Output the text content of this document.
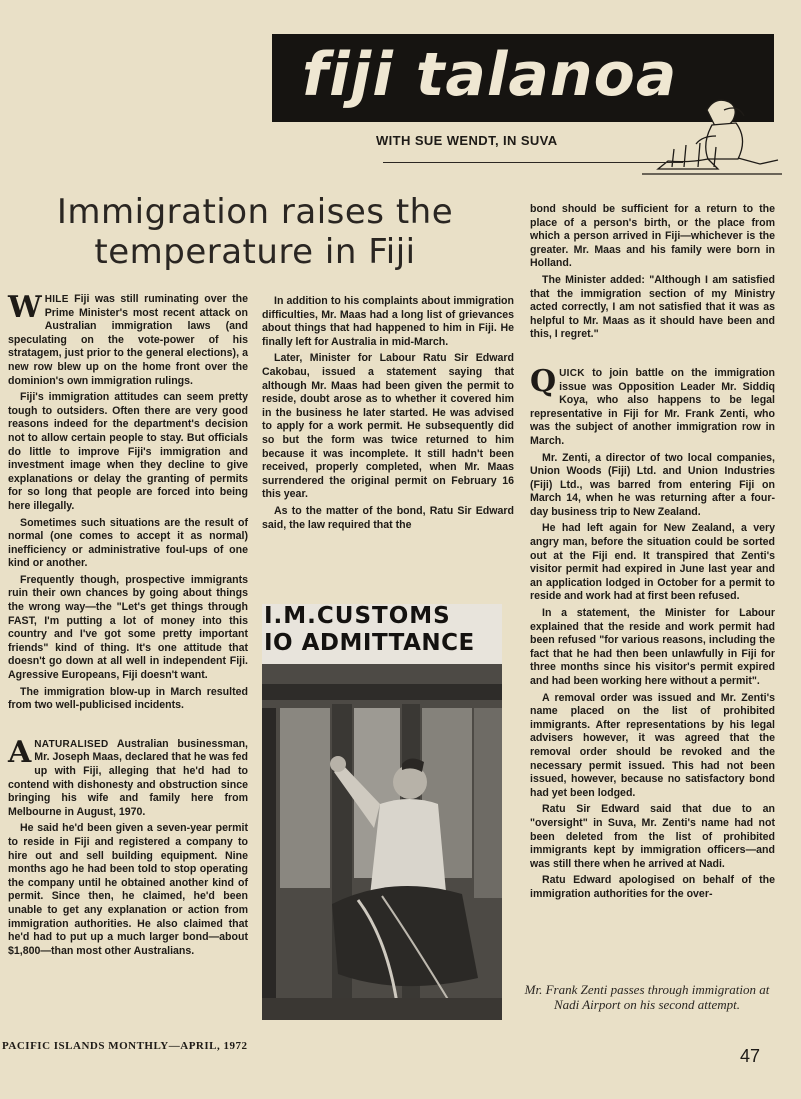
fiji talanoa
WITH SUE WENDT, IN SUVA
Immigration raises the temperature in Fiji

WHILE Fiji was still ruminating over the Prime Minister's most recent attack on Australian immigration laws (and speculating on the vote-power of his stratagem, just prior to the general elections), a new row blew up on the home front over the dominion's own immigration rulings.

Fiji's immigration attitudes can seem pretty tough to outsiders. Often there are very good reasons indeed for the department's decision not to allow certain people to stay. But officials do little to improve Fiji's immigration and investment image when they decline to give explanations or delay the granting of permits for so long that people are forced into being here illegally.

Sometimes such situations are the result of normal (one comes to accept it as normal) inefficiency or administrative foul-ups of one kind or another.

Frequently though, prospective immigrants ruin their own chances by going about things the wrong way—the "Let's get things through FAST, I'm putting a lot of money into this country and I've got some pretty important friends" kind of thing. It's one attitude that doesn't go down at all well in independent Fiji. Agressive Europeans, Fiji doesn't want.

The immigration blow-up in March resulted from two well-publicised incidents.

ANATURALISED Australian businessman, Mr. Joseph Maas, declared that he was fed up with Fiji, alleging that he'd had to contend with dishonesty and obstruction since bringing his wife and family here from Melbourne in August, 1970.

He said he'd been given a seven-year permit to reside in Fiji and registered a company to hire out and sell building equipment. Nine months ago he had been told to stop operating the company until he obtained another kind of permit. Since then, he claimed, he'd been unable to get any explanation or action from immigration authorities. He also claimed that he'd had to put up a much larger bond—about $1,800—than most other Australians.

In addition to his complaints about immigration difficulties, Mr. Maas had a long list of grievances about things that had happened to him in Fiji. He finally left for Australia in mid-March.

Later, Minister for Labour Ratu Sir Edward Cakobau, issued a statement saying that although Mr. Maas had been given the permit to reside, doubt arose as to whether it covered him in the business he later started. He was advised to apply for a work permit. He subsequently did so but the form was twice returned to him because it was incomplete. It still hadn't been received, properly completed, when Mr. Maas surrendered the original permit on February 16 this year.

As to the matter of the bond, Ratu Sir Edward said, the law required that the

I.M.CUSTOMS
IO ADMITTANCE

bond should be sufficient for a return to the place of a person's birth, or the place from which a person arrived in Fiji—whichever is the greater. Mr. Maas and his family were born in Holland.

The Minister added: "Although I am satisfied that the immigration section of my Ministry acted correctly, I am not satisfied that it was as helpful to Mr. Maas as it should have been and this, I regret."

QUICK to join battle on the immigration issue was Opposition Leader Mr. Siddiq Koya, who also happens to be legal representative in Fiji for Mr. Frank Zenti, who was the subject of another immigration row in March.

Mr. Zenti, a director of two local companies, Union Woods (Fiji) Ltd. and Union Industries (Fiji) Ltd., was barred from entering Fiji on March 14, when he was returning after a four-day business trip to New Zealand.

He had left again for New Zealand, a very angry man, before the situation could be sorted out at the Fiji end. It transpired that Zenti's visitor permit had expired in June last year and an application lodged in October for a permit to reside and work had at first been refused.

In a statement, the Minister for Labour explained that the reside and work permit had been refused "for various reasons, including the fact that he had then been unlawfully in Fiji for three months since his visitor's permit expired and had been working here without a permit".

A removal order was issued and Mr. Zenti's name placed on the list of prohibited immigrants. After representations by his legal advisers however, it was agreed that the removal order should be revoked and the necessary permit issued. This had not been issued, however, because no satisfactory bond had yet been lodged.

Ratu Sir Edward said that due to an "oversight" in Suva, Mr. Zenti's name had not been deleted from the list of prohibited immigrants kept by immigration officers—and was still there when he arrived at Nadi.

Ratu Edward apologised on behalf of the immigration authorities for the over-

Mr. Frank Zenti passes through immigration at Nadi Airport on his second attempt.
PACIFIC ISLANDS MONTHLY—APRIL, 1972	47
